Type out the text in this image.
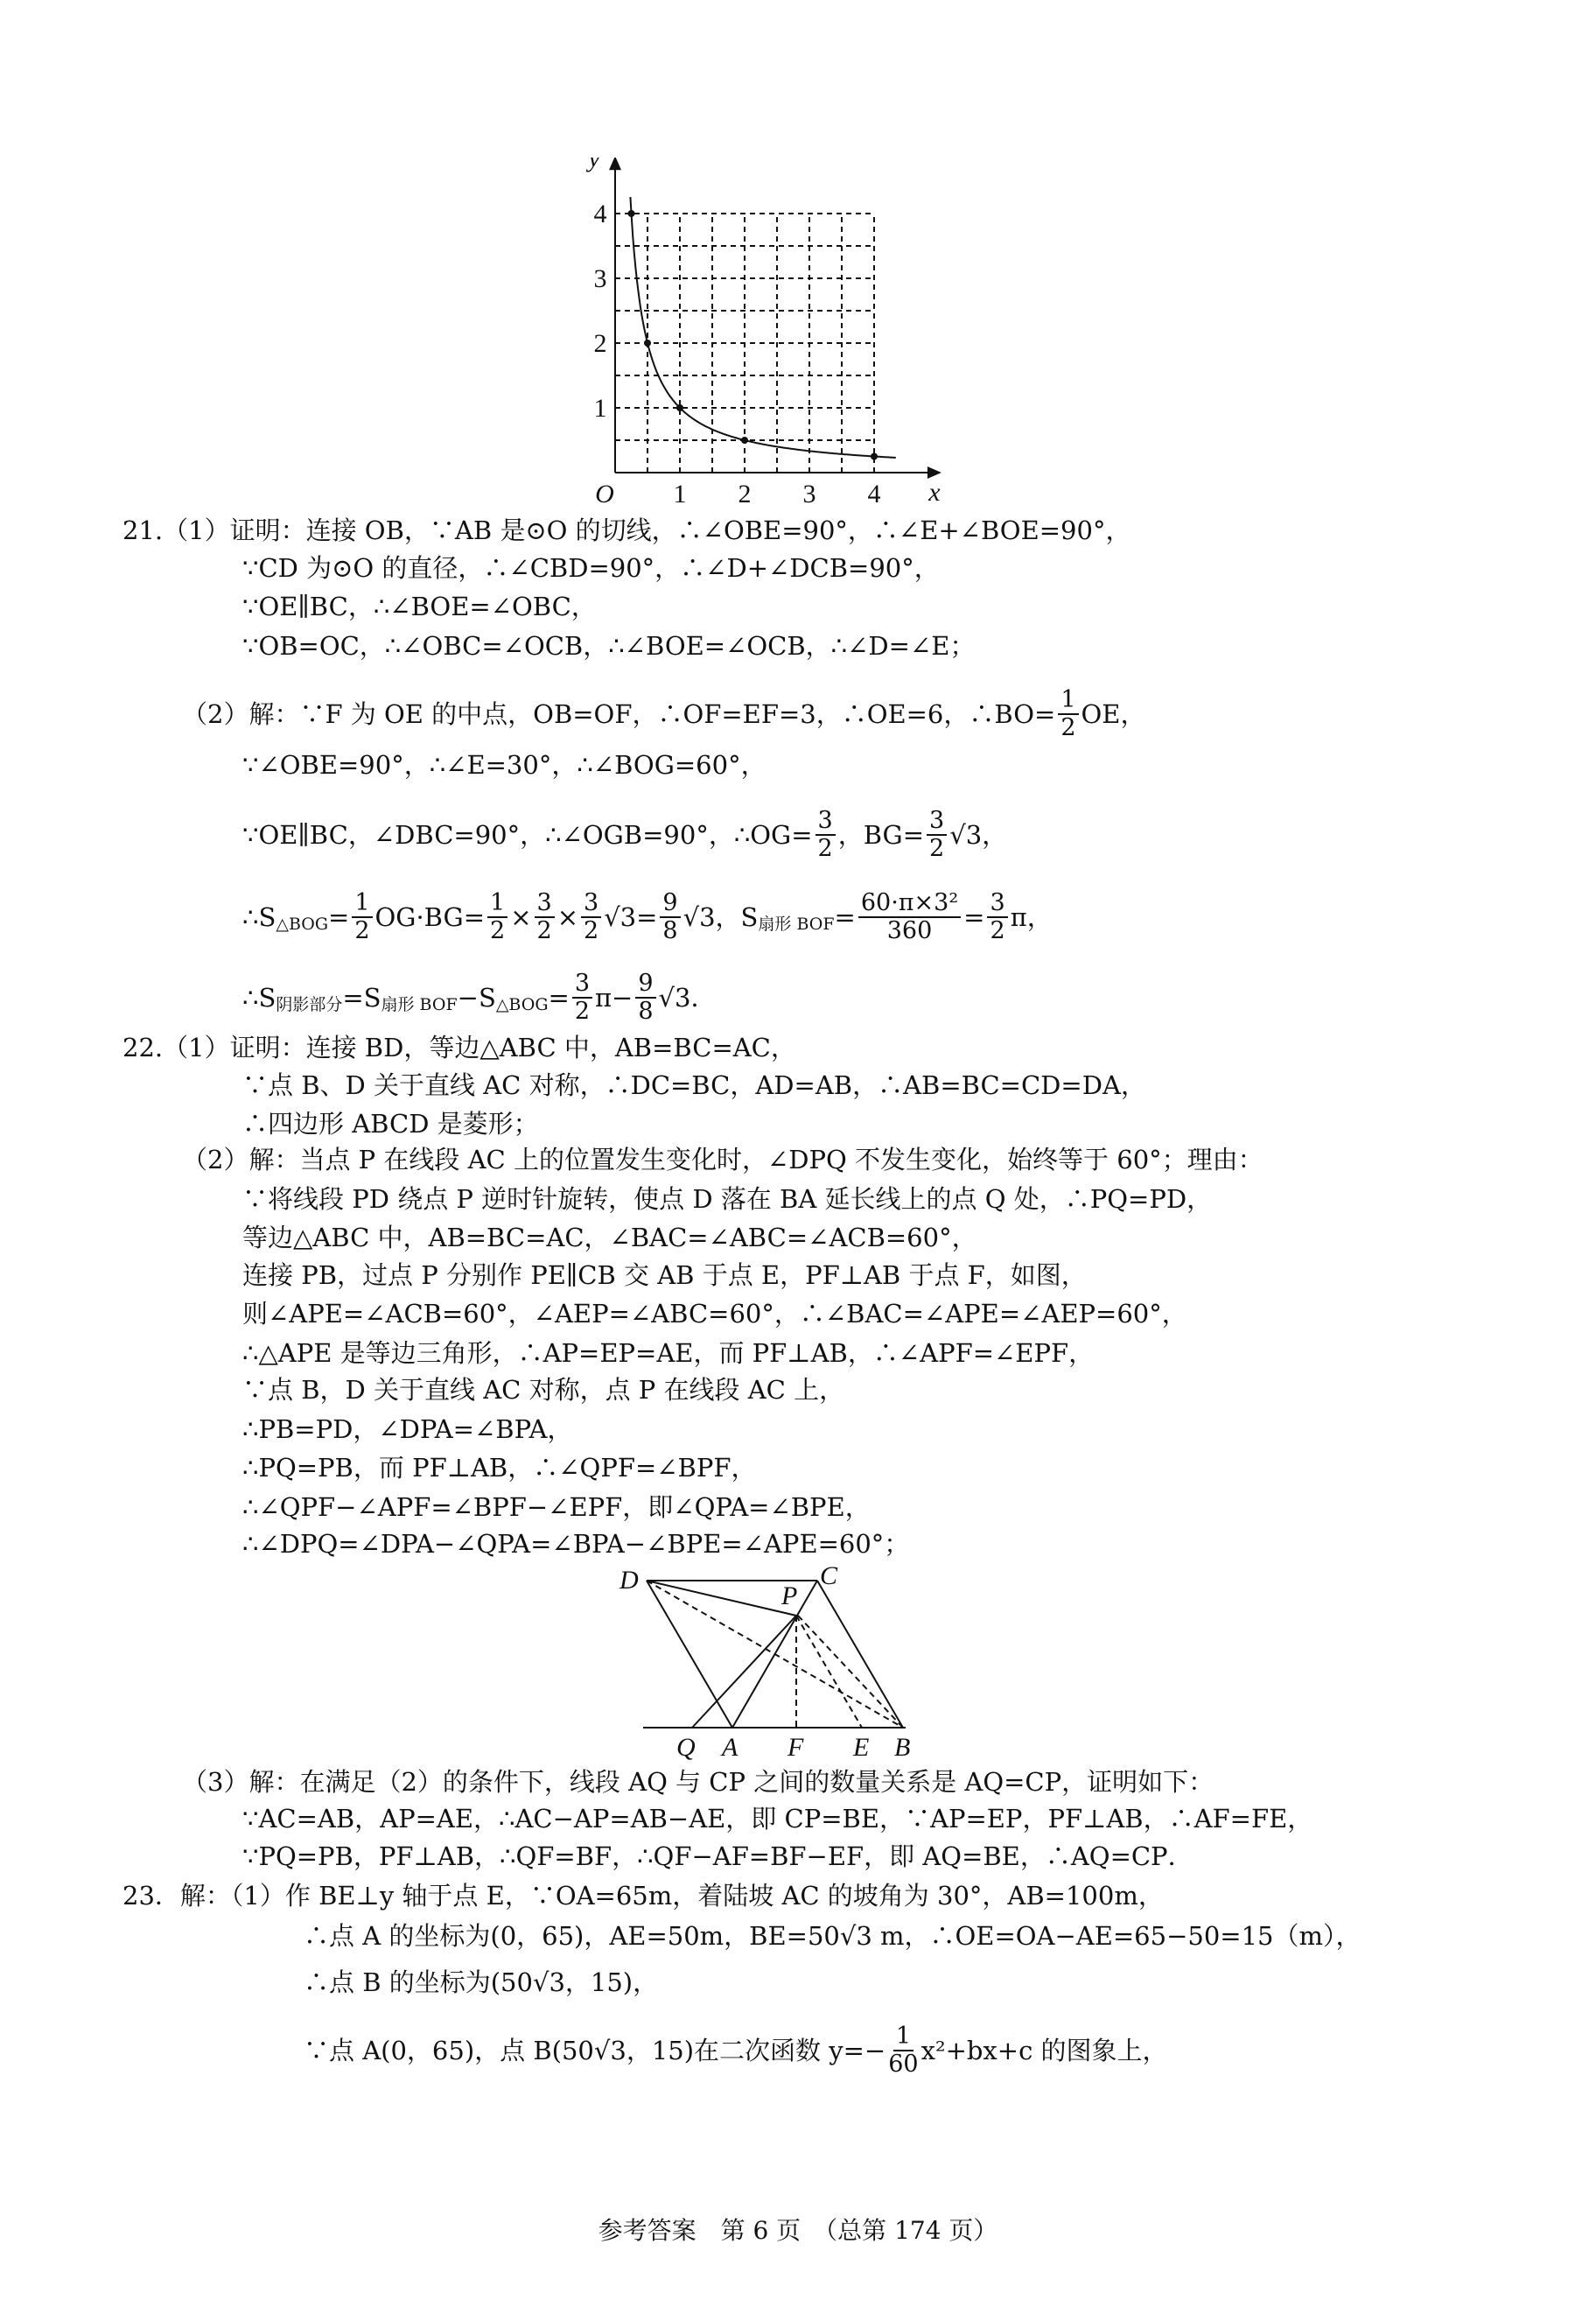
1 2 3 4
1
2
3
4
O	x
y
D	C
P
Q A F E B
21.（1）证明：连接 OB，∵AB 是⊙O 的切线，∴∠OBE=90°，∴∠E+∠BOE=90°，
∵CD 为⊙O 的直径，∴∠CBD=90°，∴∠D+∠DCB=90°，
∵OE∥BC，∴∠BOE=∠OBC，
∵OB=OC，∴∠OBC=∠OCB，∴∠BOE=∠OCB，∴∠D=∠E；
（2）解：∵F 为 OE 的中点，OB=OF，∴OF=EF=3，∴OE=6，∴BO= $\frac{1}{2}$ OE，
∵∠OBE=90°，∴∠E=30°，∴∠BOG=60°，
∵OE∥BC，∠DBC=90°，∴∠OGB=90°，∴OG= $\frac{3}{2}$ ，$BG= \frac{3}{2} √3$，
∴S △BOG = $\frac{1}{2} OG\cdot BG= \frac{1}{2} \times \frac{3}{2} \times \frac{3}{2} √3= \frac{9}{8} √3$，S 扇形 BOF = $\frac{\text{60·π×3²}}{360} = \frac{3}{2}$ π，
∴S 阴影部分 =S 扇形 BOF −S △BOG = $\frac{3}{2} \pi- \frac{9}{8} √3$．
22.（1）证明：连接 BD，等边△ABC 中，AB=BC=AC，
∵点 B、D 关于直线 AC 对称，∴DC=BC，AD=AB，∴AB=BC=CD=DA，
∴四边形 ABCD 是菱形；
（2）解：当点 P 在线段 AC 上的位置发生变化时，∠DPQ 不发生变化，始终等于 60°；理由：
∵将线段 PD 绕点 P 逆时针旋转，使点 D 落在 BA 延长线上的点 Q 处，∴PQ=PD，
等边△ABC 中，AB=BC=AC，∠BAC=∠ABC=∠ACB=60°，
连接 PB，过点 P 分别作 PE∥CB 交 AB 于点 E，PF⊥AB 于点 F，如图，
则∠APE=∠ACB=60°，∠AEP=∠ABC=60°，∴∠BAC=∠APE=∠AEP=60°，
∴△APE 是等边三角形，∴AP=EP=AE，而 PF⊥AB，∴∠APF=∠EPF，
∵点 B，D 关于直线 AC 对称，点 P 在线段 AC 上，
∴PB=PD，∠DPA=∠BPA，
∴PQ=PB，而 PF⊥AB，∴∠QPF=∠BPF，
∴∠QPF−∠APF=∠BPF−∠EPF，即∠QPA=∠BPE，
∴∠DPQ=∠DPA−∠QPA=∠BPA−∠BPE=∠APE=60°；
（3）解：在满足（2）的条件下，线段 AQ 与 CP 之间的数量关系是 AQ=CP，证明如下：
∵AC=AB，AP=AE，∴AC−AP=AB−AE，即 CP=BE，∵AP=EP，PF⊥AB，∴AF=FE，
∵PQ=PB，PF⊥AB，∴QF=BF，∴QF−AF=BF−EF，即 AQ=BE，∴AQ=CP．
23．解：（1）作 BE⊥y 轴于点 E，∵OA=65m，着陆坡 AC 的坡角为 30°，AB=100m，
∴点 A 的坐标为(0，65)，AE=50m，BE=50√3 m，∴OE=OA−AE=65−50=15（m），
∴点 B 的坐标为(50√3，15)，
∵点 A(0，65)，点 B(50√3，15)在二次函数 $y=- \frac{1}{60} x^2+bx+c$ 的图象上，
参考答案　第 6 页　（总第 174 页）
